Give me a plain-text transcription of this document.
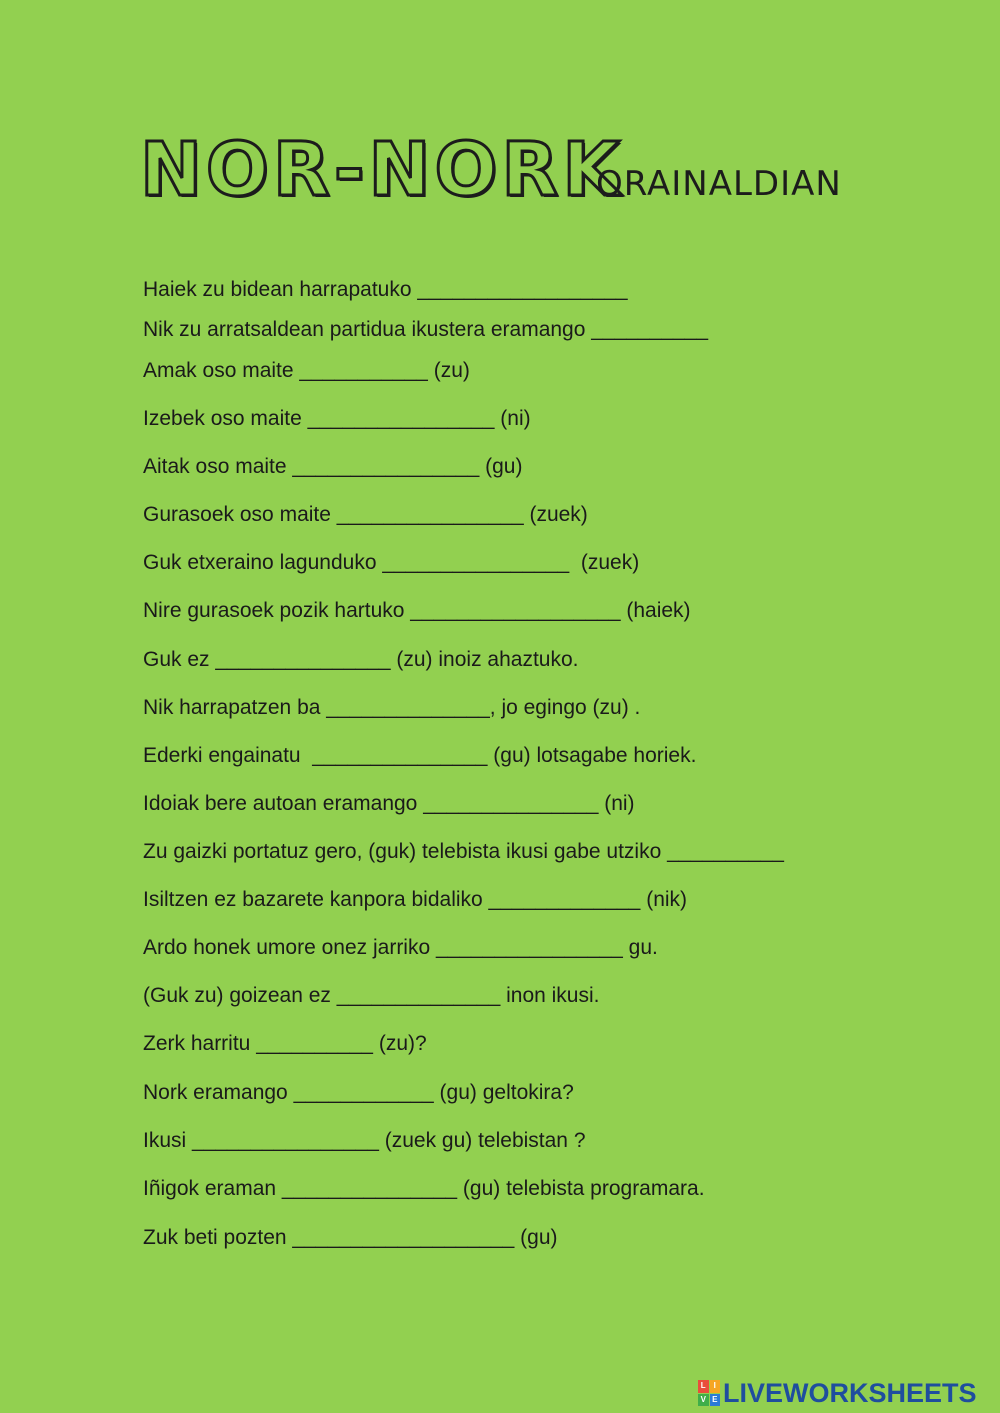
NOR-NORK
ORAINALDIAN
Haiek zu bidean harrapatuko __________________
Nik zu arratsaldean partidua ikustera eramango __________
Amak oso maite ___________ (zu)
Izebek oso maite ________________ (ni)
Aitak oso maite ________________ (gu)
Gurasoek oso maite ________________ (zuek)
Guk etxeraino lagunduko ________________  (zuek)
Nire gurasoek pozik hartuko __________________ (haiek)
Guk ez _______________ (zu) inoiz ahaztuko.
Nik harrapatzen ba ______________, jo egingo (zu) .
Ederki engainatu  _______________ (gu) lotsagabe horiek.
Idoiak bere autoan eramango _______________ (ni)
Zu gaizki portatuz gero, (guk) telebista ikusi gabe utziko __________
Isiltzen ez bazarete kanpora bidaliko _____________ (nik)
Ardo honek umore onez jarriko ________________ gu.
(Guk zu) goizean ez ______________ inon ikusi.
Zerk harritu __________ (zu)?
Nork eramango ____________ (gu) geltokira?
Ikusi ________________ (zuek gu) telebistan ?
Iñigok eraman _______________ (gu) telebista programara.
Zuk beti pozten ___________________ (gu)
L I
V E LIVEWORKSHEETS
